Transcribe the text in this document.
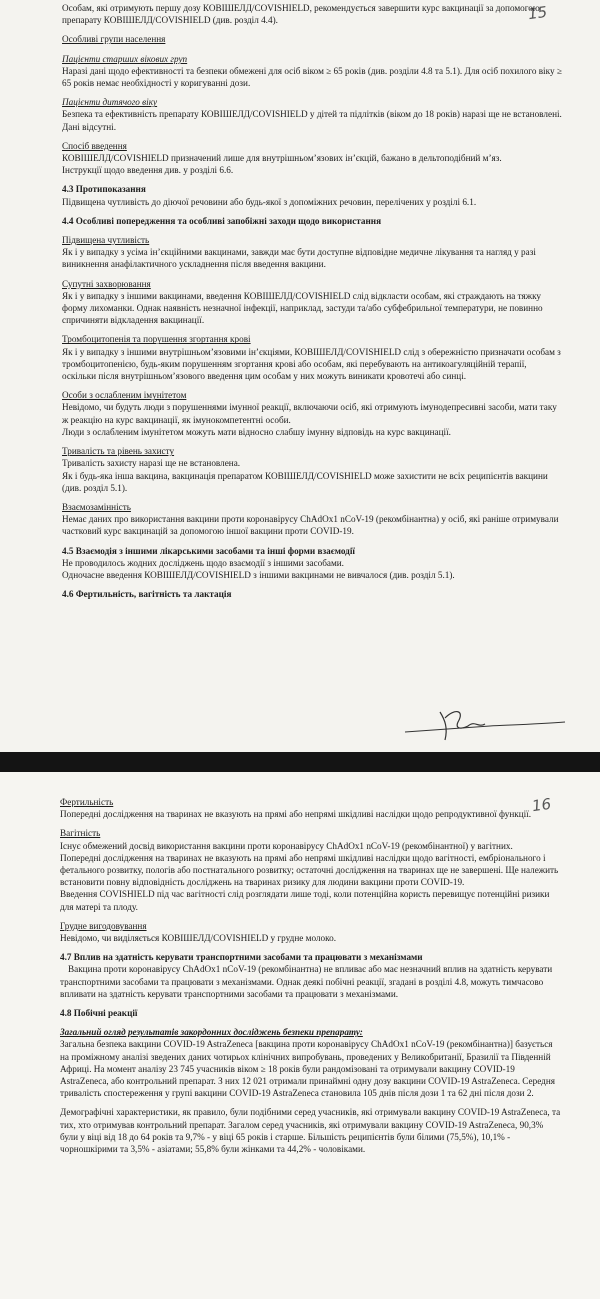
15

Особам, які отримують першу дозу КОВІШЕЛД/COVISHIELD, рекомендується завершити курс вакцинації за допомогою препарату КОВІШЕЛД/COVISHIELD (див. розділ 4.4).

Особливі групи населення

Пацієнти старших вікових груп

Наразі дані щодо ефективності та безпеки обмежені для осіб віком ≥ 65 років (див. розділи 4.8 та 5.1). Для осіб похилого віку ≥ 65 років немає необхідності у коригуванні дози.

Пацієнти дитячого віку

Безпека та ефективність препарату КОВІШЕЛД/COVISHIELD у дітей та підлітків (віком до 18 років) наразі ще не встановлені. Дані відсутні.

Спосіб введення

КОВІШЕЛД/COVISHIELD призначений лише для внутрішньом’язових ін’єкцій, бажано в дельтоподібний м’яз.

Інструкції щодо введення див. у розділі 6.6.

4.3 Протипоказання

Підвищена чутливість до діючої речовини або будь-якої з допоміжних речовин, перелічених у розділі 6.1.

4.4 Особливі попередження та особливі запобіжні заходи щодо використання

Підвищена чутливість

Як і у випадку з усіма ін’єкційними вакцинами, завжди має бути доступне відповідне медичне лікування та нагляд у разі виникнення анафілактичного ускладнення після введення вакцини.

Супутні захворювання

Як і у випадку з іншими вакцинами, введення КОВІШЕЛД/COVISHIELD слід відкласти особам, які страждають на тяжку форму лихоманки. Однак наявність незначної інфекції, наприклад, застуди та/або субфебрильної температури, не повинно спричиняти відкладення вакцинації.

Тромбоцитопенія та порушення згортання крові

Як і у випадку з іншими внутрішньом’язовими ін’єкціями, КОВІШЕЛД/COVISHIELD слід з обережністю призначати особам з тромбоцитопенією, будь-яким порушенням згортання крові або особам, які перебувають на антикоагуляційній терапії, оскільки після внутрішньом’язового введення цим особам у них можуть виникати кровотечі або синці.

Особи з ослабленим імунітетом

Невідомо, чи будуть люди з порушеннями імунної реакції, включаючи осіб, які отримують імунодепресивні засоби, мати таку ж реакцію на курс вакцинації, як імунокомпетентні особи.

Люди з ослабленим імунітетом можуть мати відносно слабшу імунну відповідь на курс вакцинації.

Тривалість та рівень захисту

Тривалість захисту наразі ще не встановлена.

Як і будь-яка інша вакцина, вакцинація препаратом КОВІШЕЛД/COVISHIELD може захистити не всіх реципієнтів вакцини (див. розділ 5.1).

Взаємозамінність

Немає даних про використання вакцини проти коронавірусу ChAdOx1 nCoV-19 (рекомбінантна) у осіб, які раніше отримували частковий курс вакцинацій за допомогою іншої вакцини проти COVID-19.

4.5 Взаємодія з іншими лікарськими засобами та інші форми взаємодії

Не проводилось жодних досліджень щодо взаємодії з іншими засобами.

Одночасне введення КОВІШЕЛД/COVISHIELD з іншими вакцинами не вивчалося (див. розділ 5.1).

4.6 Фертильність, вагітність та лактація

16

Фертильність

Попередні дослідження на тваринах не вказують на прямі або непрямі шкідливі наслідки щодо репродуктивної функції.

Вагітність

Існує обмежений досвід використання вакцини проти коронавірусу ChAdOx1 nCoV-19 (рекомбінантної) у вагітних.

Попередні дослідження на тваринах не вказують на прямі або непрямі шкідливі наслідки щодо вагітності, ембріонального і фетального розвитку, пологів або постнатального розвитку; остаточні дослідження на тваринах ще не завершені. Ще належить встановити повну відповідність досліджень на тваринах ризику для людини вакцини проти COVID-19.

Введення COVISHIELD під час вагітності слід розглядати лише тоді, коли потенційна користь перевищує потенційні ризики для матері та плоду.

Грудне вигодовування

Невідомо, чи виділяється КОВІШЕЛД/COVISHIELD у грудне молоко.

4.7 Вплив на здатність керувати транспортними засобами та працювати з механізмами

Вакцина проти коронавірусу ChAdOx1 nCoV-19 (рекомбінантна) не впливає або має незначний вплив на здатність керувати транспортними засобами та працювати з механізмами. Однак деякі побічні реакції, згадані в розділі 4.8, можуть тимчасово впливати на здатність керувати транспортними засобами та працювати з механізмами.

4.8 Побічні реакції

Загальний огляд результатів закордонних досліджень безпеки препарату:

Загальна безпека вакцини COVID-19 AstraZeneca [вакцина проти коронавірусу ChAdOx1 nCoV-19 (рекомбінантна)] базується на проміжному аналізі зведених даних чотирьох клінічних випробувань, проведених у Великобританії, Бразилії та Південній Африці. На момент аналізу 23 745 учасників віком ≥ 18 років були рандомізовані та отримували вакцину COVID-19 AstraZeneca, або контрольний препарат. З них 12 021 отримали принаймні одну дозу вакцини COVID-19 AstraZeneca. Середня тривалість спостереження у групі вакцини COVID-19 AstraZeneca становила 105 днів після дози 1 та 62 дні після дози 2.

Демографічні характеристики, як правило, були подібними серед учасників, які отримували вакцину COVID-19 AstraZeneca, та тих, хто отримував контрольний препарат. Загалом серед учасників, які отримували вакцину COVID-19 AstraZeneca, 90,3% були у віці від 18 до 64 років та 9,7% - у віці 65 років і старше. Більшість реципієнтів були білими (75,5%), 10,1% - чорношкірими та 3,5% - азіатами; 55,8% були жінками та 44,2% - чоловіками.
